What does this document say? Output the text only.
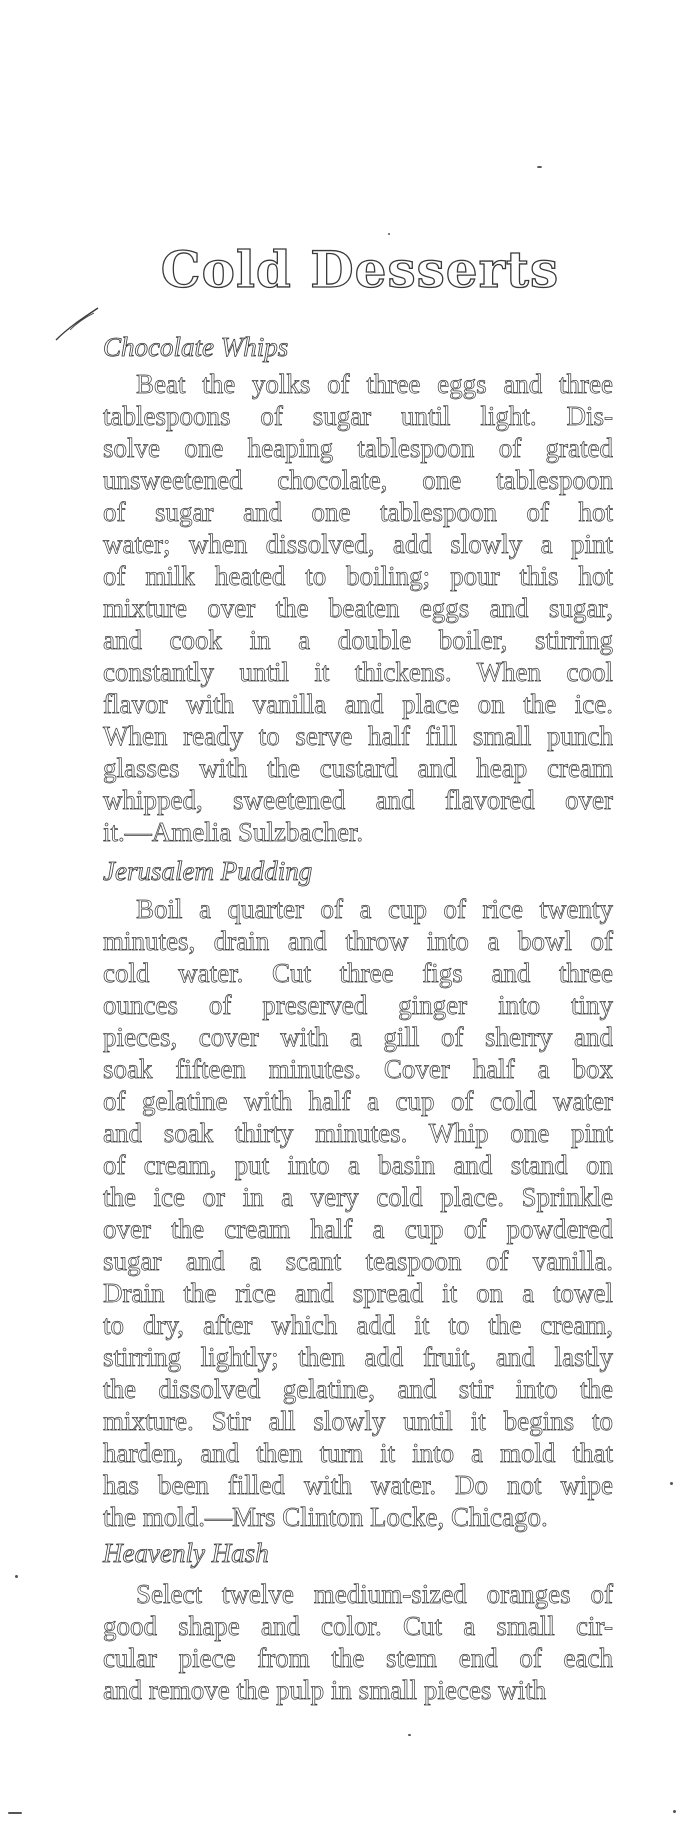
Cold Desserts
Chocolate Whips
Beat the yolks of three eggs and three
tablespoons of sugar until light. Dis-
solve one heaping tablespoon of grated
unsweetened chocolate, one tablespoon
of sugar and one tablespoon of hot
water; when dissolved, add slowly a pint
of milk heated to boiling; pour this hot
mixture over the beaten eggs and sugar,
and cook in a double boiler, stirring
constantly until it thickens. When cool
flavor with vanilla and place on the ice.
When ready to serve half fill small punch
glasses with the custard and heap cream
whipped, sweetened and flavored over
it.—Amelia Sulzbacher.
Jerusalem Pudding
Boil a quarter of a cup of rice twenty
minutes, drain and throw into a bowl of
cold water. Cut three figs and three
ounces of preserved ginger into tiny
pieces, cover with a gill of sherry and
soak fifteen minutes. Cover half a box
of gelatine with half a cup of cold water
and soak thirty minutes. Whip one pint
of cream, put into a basin and stand on
the ice or in a very cold place. Sprinkle
over the cream half a cup of powdered
sugar and a scant teaspoon of vanilla.
Drain the rice and spread it on a towel
to dry, after which add it to the cream,
stirring lightly; then add fruit, and lastly
the dissolved gelatine, and stir into the
mixture. Stir all slowly until it begins to
harden, and then turn it into a mold that
has been filled with water. Do not wipe
the mold.—Mrs Clinton Locke, Chicago.
Heavenly Hash
Select twelve medium-sized oranges of
good shape and color. Cut a small cir-
cular piece from the stem end of each
and remove the pulp in small pieces with
